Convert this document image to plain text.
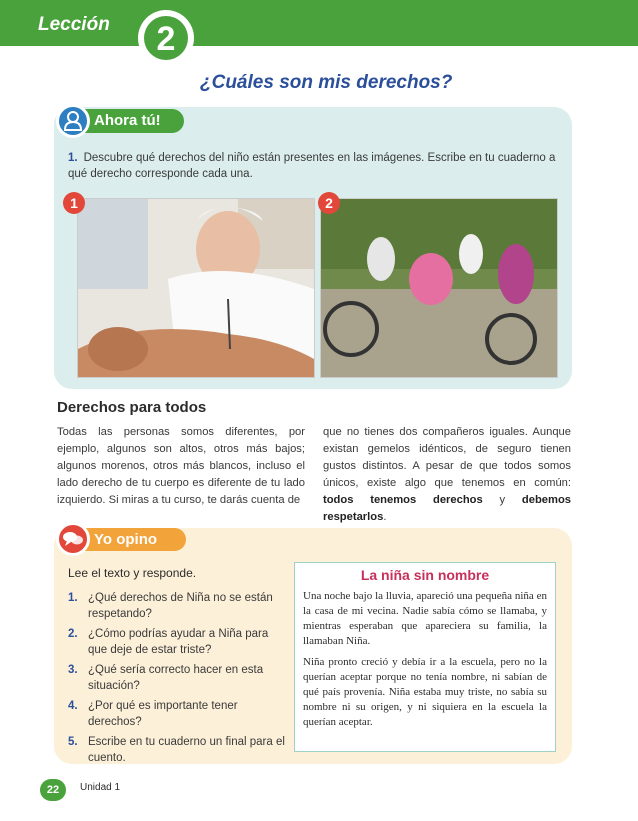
Lección	2
¿Cuáles son mis derechos?
Ahora tú!
1. Descubre qué derechos del niño están presentes en las imágenes. Escribe en tu cuaderno a qué derecho corresponde cada una.
1	2
Derechos para todos
Todas las personas somos diferentes, por ejemplo, algunos son altos, otros más bajos; algunos morenos, otros más blancos, incluso el lado derecho de tu cuerpo es diferente de tu lado izquierdo. Si miras a tu curso, te darás cuenta de
que no tienes dos compañeros iguales. Aunque existan gemelos idénticos, de seguro tienen gustos distintos. A pesar de que todos somos únicos, existe algo que tenemos en común: todos tenemos derechos y debemos respetarlos.
Yo opino
Lee el texto y responde.
1. ¿Qué derechos de Niña no se están respetando?
2. ¿Cómo podrías ayudar a Niña para que deje de estar triste?
3. ¿Qué sería correcto hacer en esta situación?
4. ¿Por qué es importante tener derechos?
5. Escribe en tu cuaderno un final para el cuento.
La niña sin nombre

Una noche bajo la lluvia, apareció una pequeña niña en la casa de mi vecina. Nadie sabía cómo se llamaba, y mientras esperaban que apareciera su familia, la llamaban Niña.

Niña pronto creció y debía ir a la escuela, pero no la querían aceptar porque no tenía nombre, ni sabían de qué país provenía. Niña estaba muy triste, no sabía su nombre ni su origen, y ni siquiera en la escuela la querían aceptar.

22	Unidad 1
